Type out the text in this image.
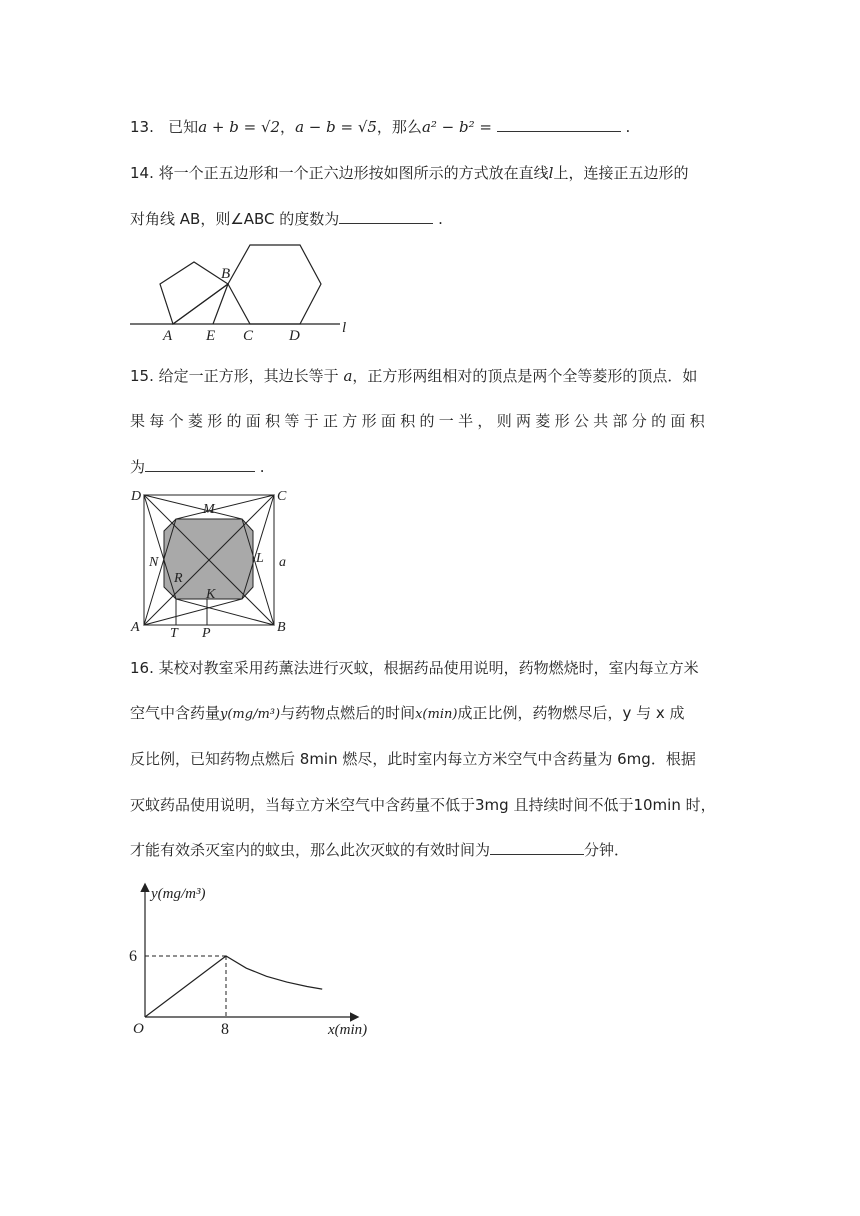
13. 已知a + b = √2，a − b = √5，那么a² − b² =	.
14. 将一个正五边形和一个正六边形按如图所示的方式放在直线l上，连接正五边形的
对角线 AB，则∠ABC 的度数为	.
A
B
C D
E	l
15. 给定一正方形，其边长等于 a，正方形两组相对的顶点是两个全等菱形的顶点．如
果每个菱形的面积等于正方形面积的一半，则两菱形公共部分的面积
为	.
D	C
A	B
M
N	L
K
R
T P
a
16. 某校对教室采用药薰法进行灭蚊，根据药品使用说明，药物燃烧时，室内每立方米
空气中含药量y(mg/m³)与药物点燃后的时间x(min)成正比例，药物燃尽后，y 与 x 成
反比例，已知药物点燃后 8min 燃尽，此时室内每立方米空气中含药量为 6mg．根据
灭蚊药品使用说明，当每立方米空气中含药量不低于3mg 且持续时间不低于10min 时，
才能有效杀灭室内的蚊虫，那么此次灭蚊的有效时间为	分钟．
y(mg/m³)
x(min)
O	8
6
